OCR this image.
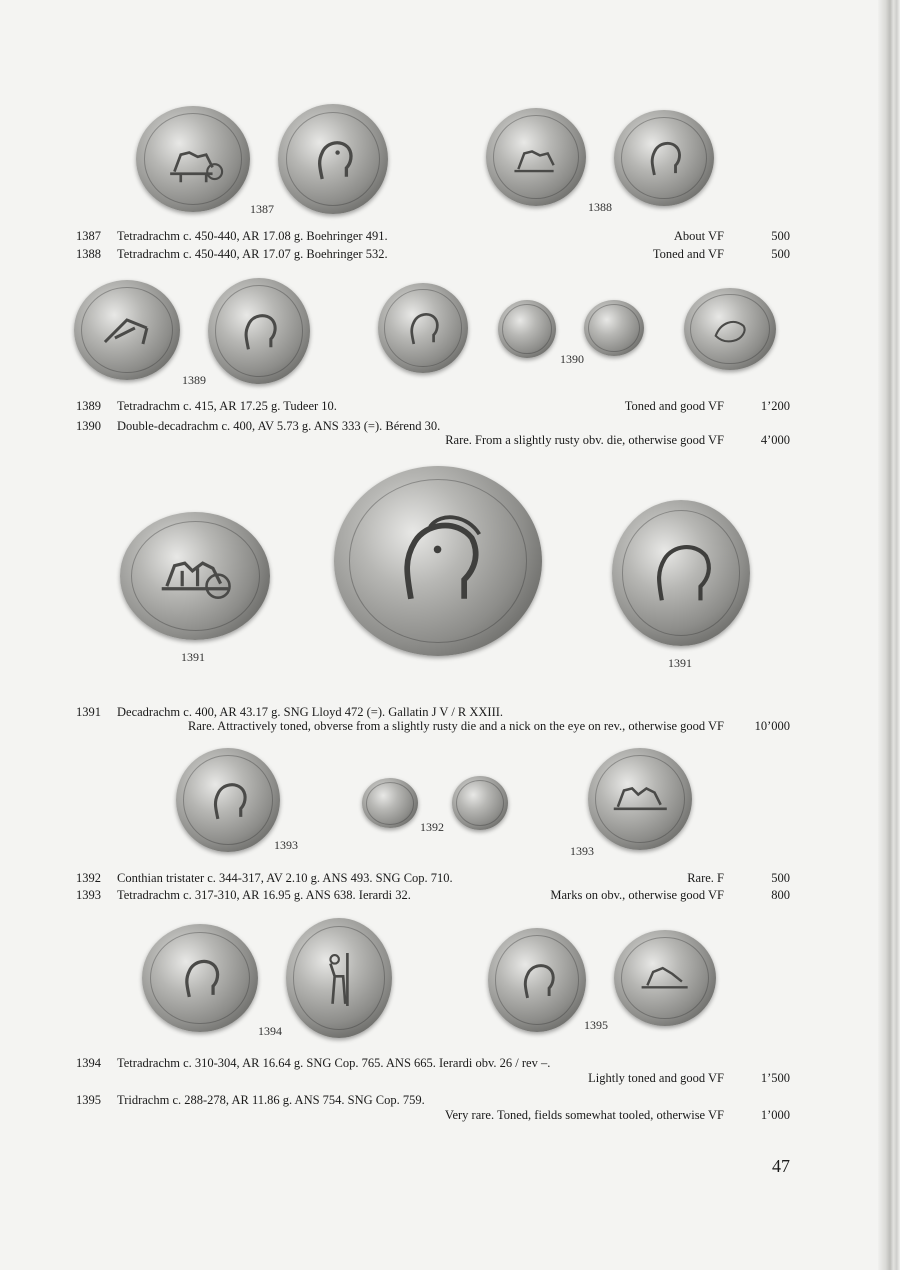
1387	1388
1389
1390
1391	1391
1393
1392
1393
1394	1395
1387 Tetradrachm c. 450-440, AR 17.08 g. Boehringer 491.	About VF	500
1388 Tetradrachm c. 450-440, AR 17.07 g. Boehringer 532.	Toned and VF	500
1389 Tetradrachm c. 415, AR 17.25 g. Tudeer 10.	Toned and good VF	1’200
1390 Double-decadrachm c. 400, AV 5.73 g. ANS 333 (=). Bérend 30.
Rare. From a slightly rusty obv. die, otherwise good VF	4’000
1391 Decadrachm c. 400, AR 43.17 g. SNG Lloyd 472 (=). Gallatin J V / R XXIII.
Rare. Attractively toned, obverse from a slightly rusty die and a nick on the eye on rev., otherwise good VF 10’000
1392 Conthian tristater c. 344-317, AV 2.10 g. ANS 493. SNG Cop. 710.	Rare. F	500
1393 Tetradrachm c. 317-310, AR 16.95 g. ANS 638. Ierardi 32.	Marks on obv., otherwise good VF	800
1394 Tetradrachm c. 310-304, AR 16.64 g. SNG Cop. 765. ANS 665. Ierardi obv. 26 / rev –.
Lightly toned and good VF	1’500
1395 Tridrachm c. 288-278, AR 11.86 g. ANS 754. SNG Cop. 759.
Very rare. Toned, fields somewhat tooled, otherwise VF	1’000
47
